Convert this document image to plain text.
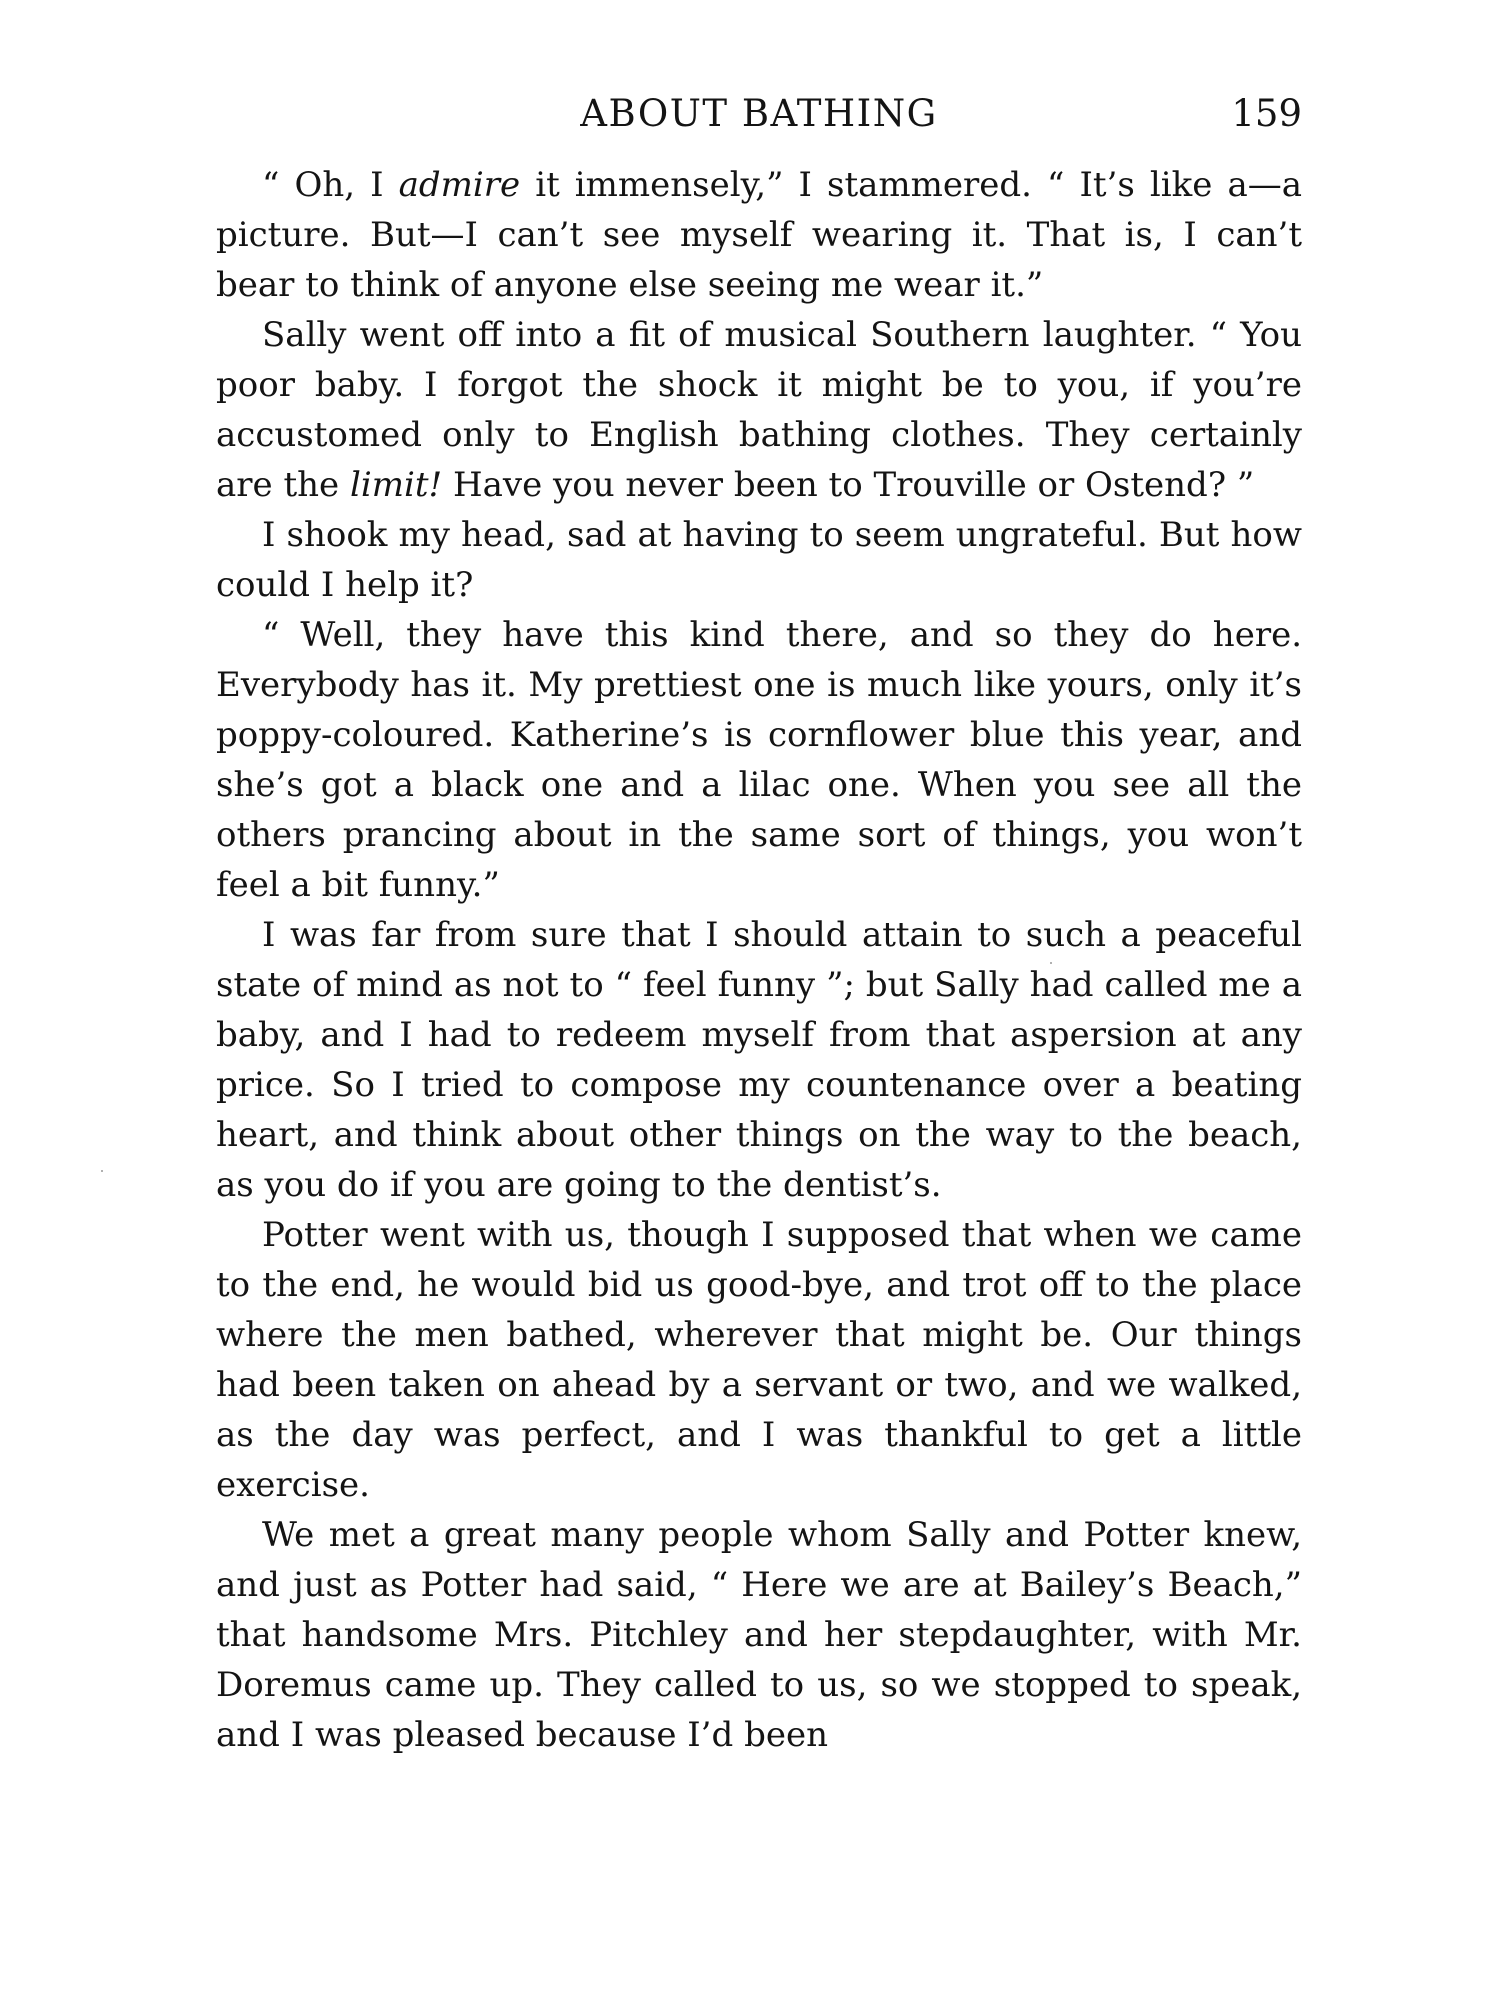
ABOUT BATHING	159

“ Oh, I admire it immensely,” I stammered. “ It’s like a—a picture. But—I can’t see myself wearing it. That is, I can’t bear to think of anyone else seeing me wear it.”

Sally went off into a fit of musical Southern laughter. “ You poor baby. I forgot the shock it might be to you, if you’re accustomed only to English bathing clothes. They certainly are the limit! Have you never been to Trouville or Ostend? ”

I shook my head, sad at having to seem ungrateful. But how could I help it?

“ Well, they have this kind there, and so they do here. Everybody has it. My prettiest one is much like yours, only it’s poppy-coloured. Katherine’s is cornflower blue this year, and she’s got a black one and a lilac one. When you see all the others prancing about in the same sort of things, you won’t feel a bit funny.”

I was far from sure that I should attain to such a peaceful state of mind as not to “ feel funny ”; but Sally had called me a baby, and I had to redeem myself from that aspersion at any price. So I tried to compose my countenance over a beating heart, and think about other things on the way to the beach, as you do if you are going to the dentist’s.

Potter went with us, though I supposed that when we came to the end, he would bid us good-bye, and trot off to the place where the men bathed, wherever that might be. Our things had been taken on ahead by a servant or two, and we walked, as the day was perfect, and I was thankful to get a little exercise.

We met a great many people whom Sally and Potter knew, and just as Potter had said, “ Here we are at Bailey’s Beach,” that handsome Mrs. Pitchley and her stepdaughter, with Mr. Doremus came up. They called to us, so we stopped to speak, and I was pleased because I’d been
